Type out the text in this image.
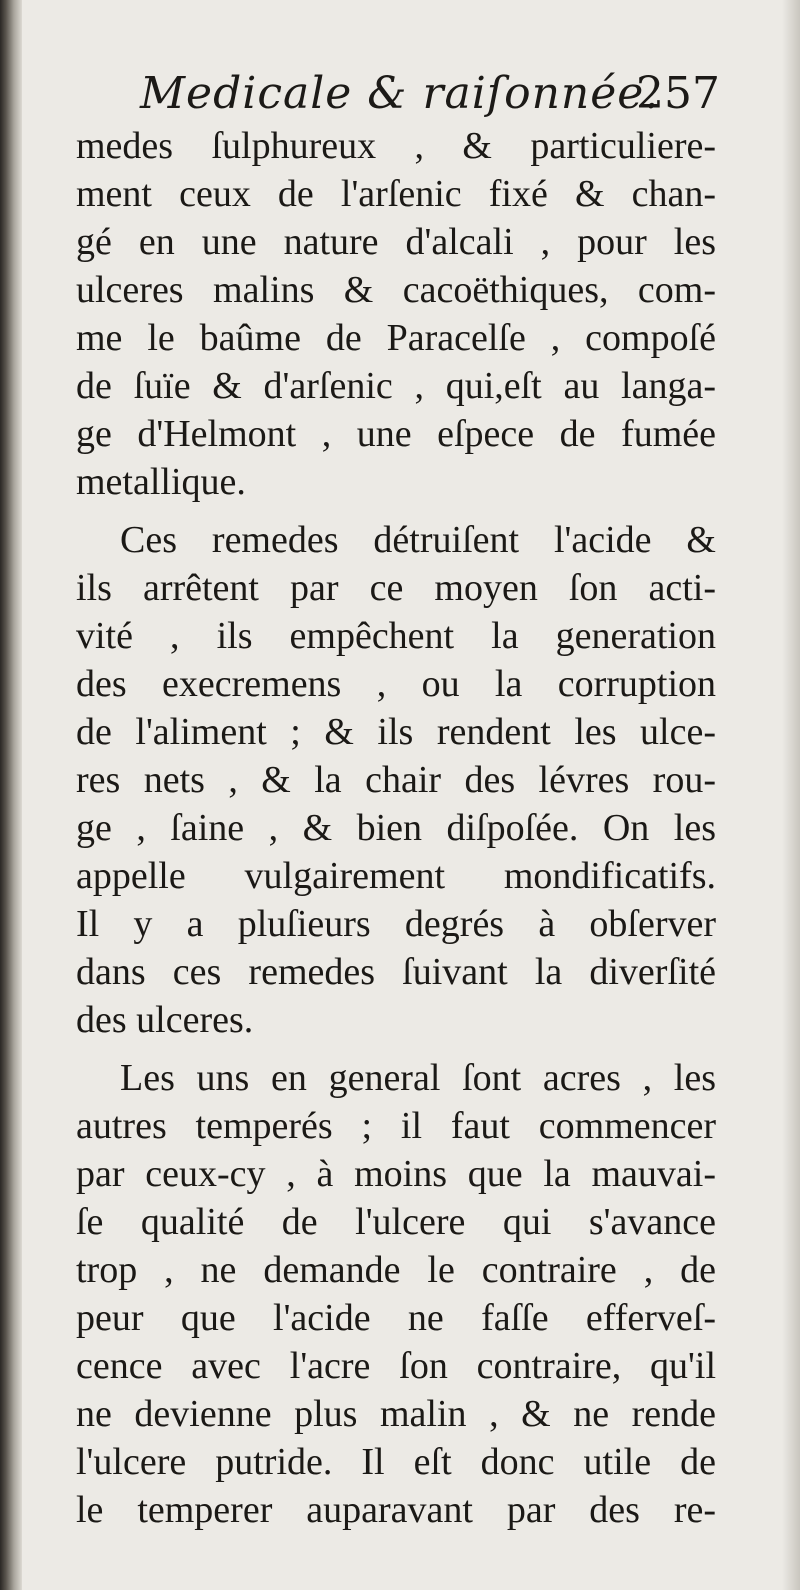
Medicale & raiſonnée.
257
medes ſulphureux , & particuliere-
ment ceux de l'arſenic fixé & chan-
gé en une nature d'alcali , pour les
ulceres malins & cacoëthiques, com-
me le baûme de Paracelſe , compoſé
de ſuïe & d'arſenic , qui,eſt au langa-
ge d'Helmont , une eſpece de fumée
metallique.
Ces remedes détruiſent l'acide &
ils arrêtent par ce moyen ſon acti-
vité , ils empêchent la generation
des execremens , ou la corruption
de l'aliment ; & ils rendent les ulce-
res nets , & la chair des lévres rou-
ge , ſaine , & bien diſpoſée. On les
appelle vulgairement mondificatifs.
Il y a pluſieurs degrés à obſerver
dans ces remedes ſuivant la diverſité
des ulceres.
Les uns en general ſont acres , les
autres temperés ; il faut commencer
par ceux-cy , à moins que la mauvai-
ſe qualité de l'ulcere qui s'avance
trop , ne demande le contraire , de
peur que l'acide ne faſſe efferveſ-
cence avec l'acre ſon contraire, qu'il
ne devienne plus malin , & ne rende
l'ulcere putride. Il eſt donc utile de
le temperer auparavant par des re-
